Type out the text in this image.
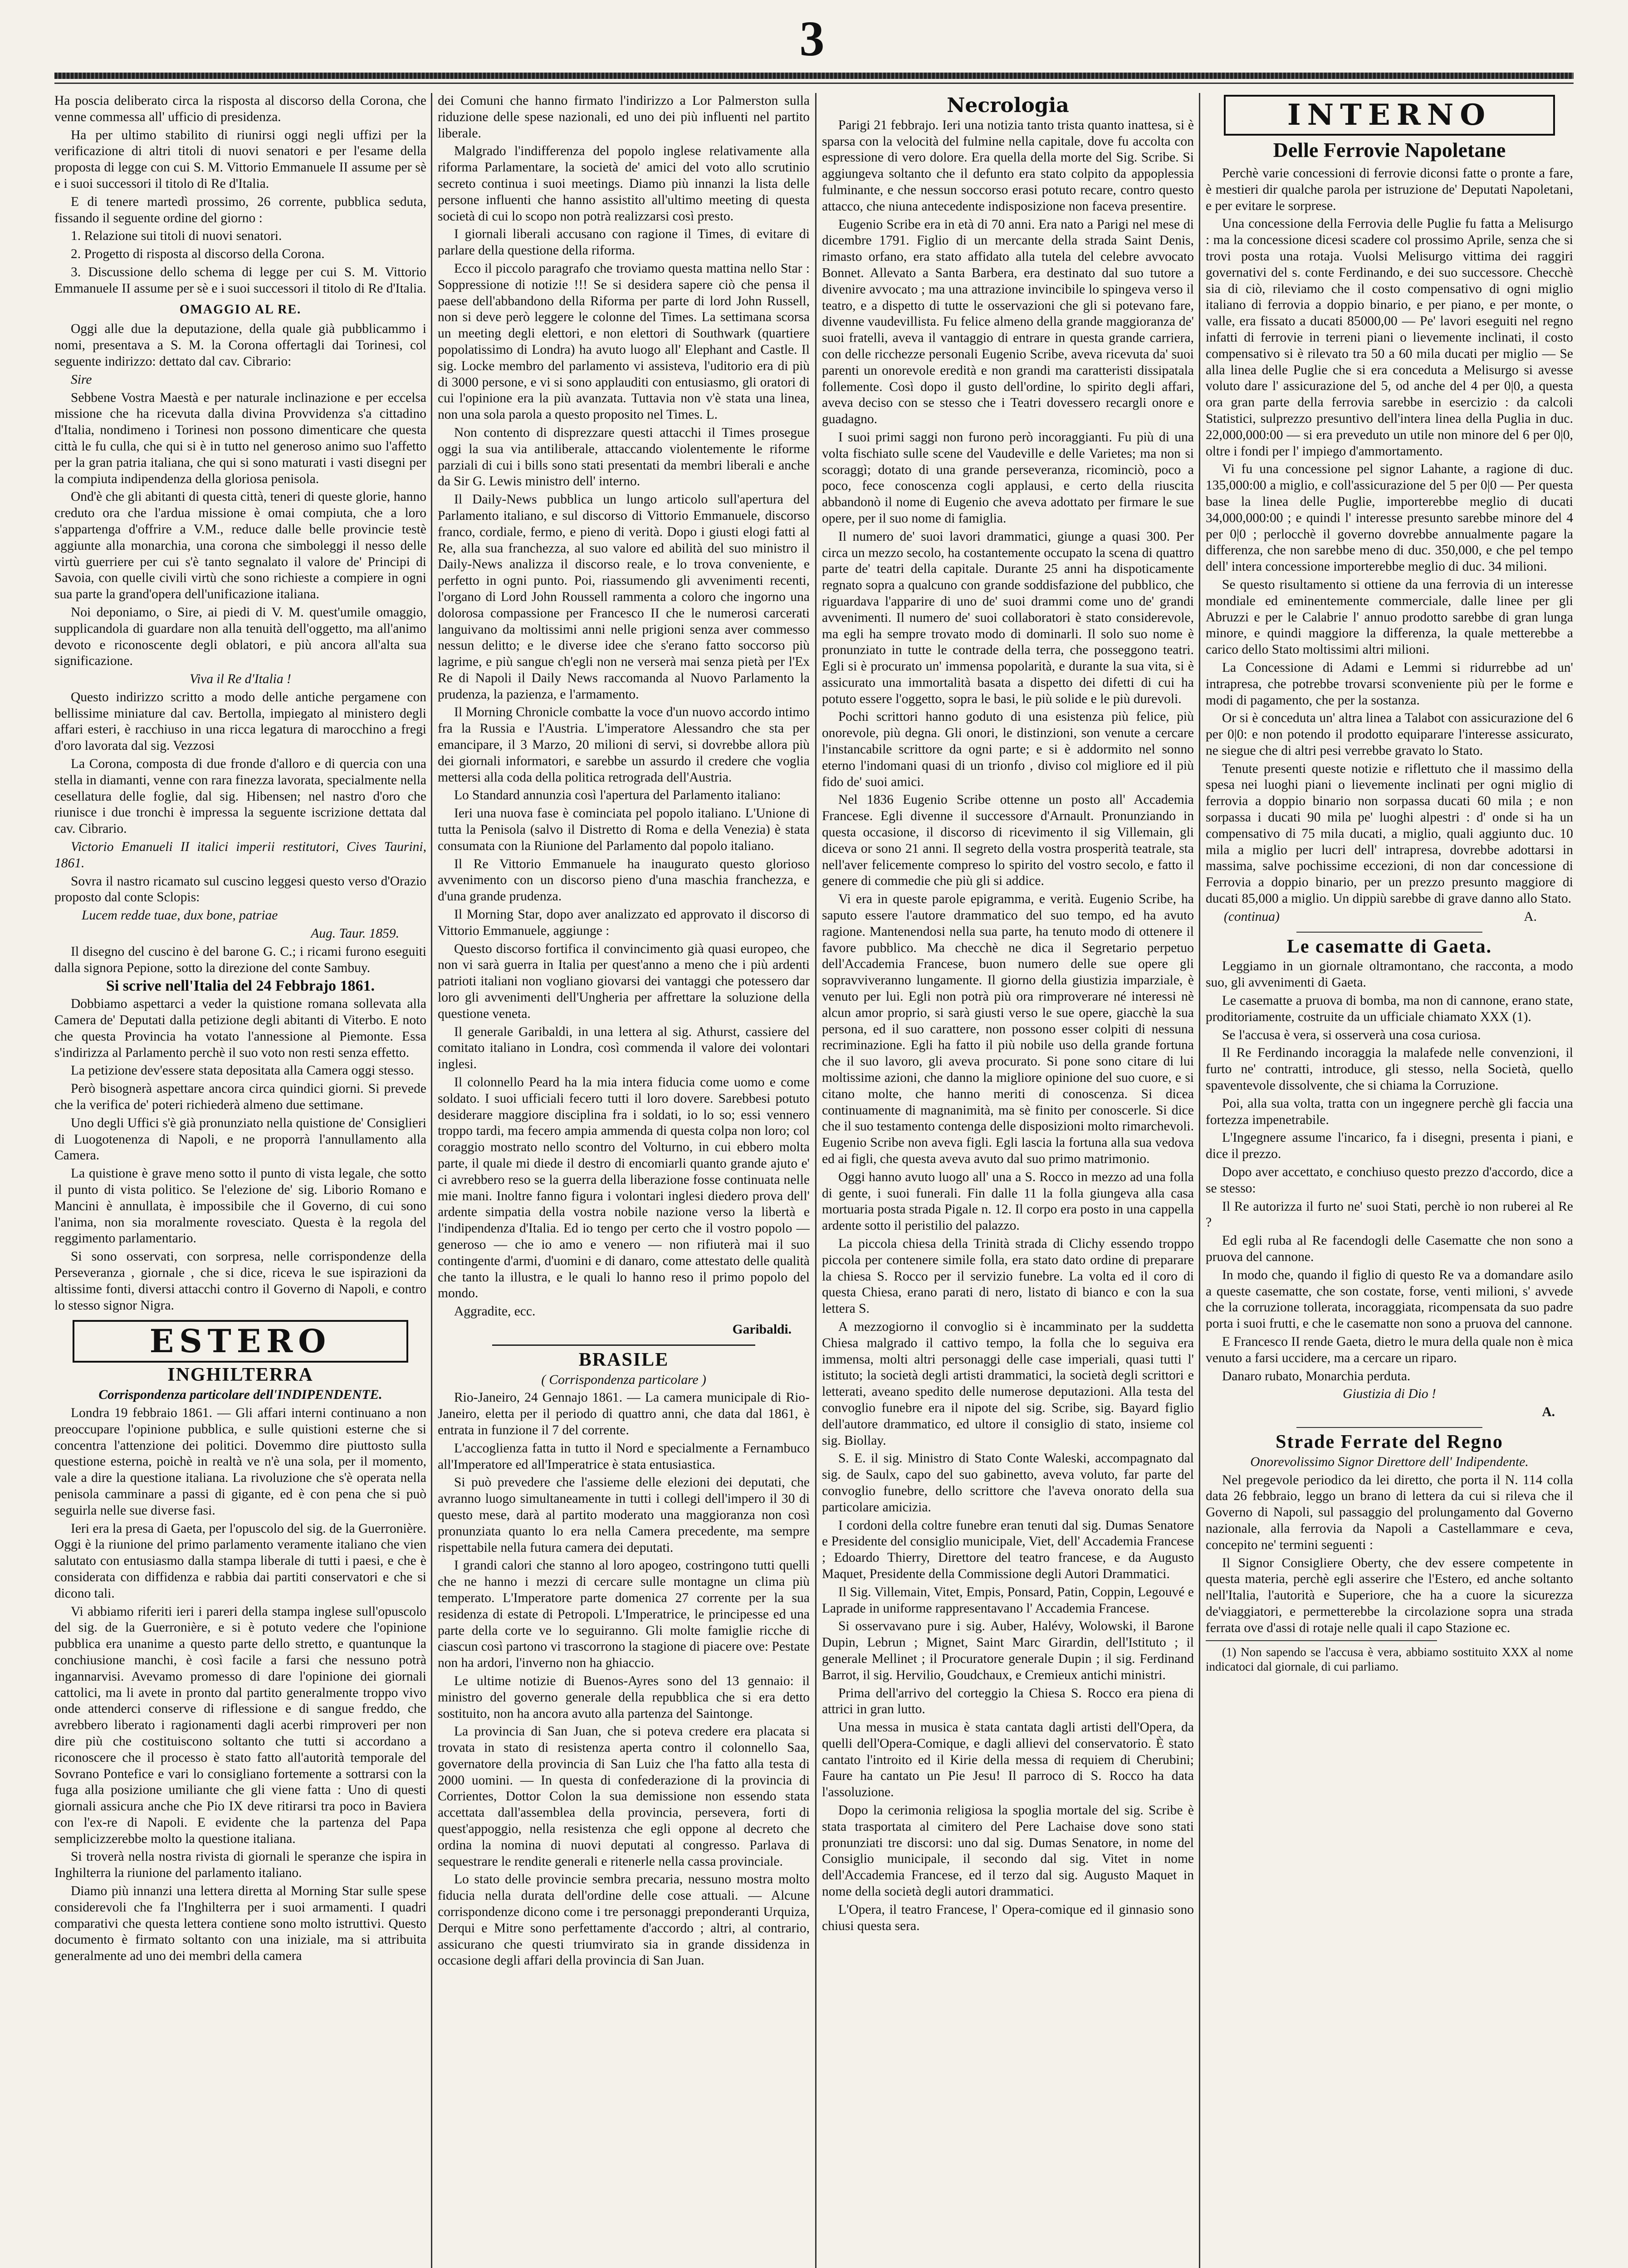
3

Ha poscia deliberato circa la risposta al discorso della Corona, che venne commessa all' ufficio di presidenza.

Ha per ultimo stabilito di riunirsi oggi negli uffizi per la verificazione di altri titoli di nuovi senatori e per l'esame della proposta di legge con cui S. M. Vittorio Emmanuele II assume per sè e i suoi successori il titolo di Re d'Italia.

E di tenere martedì prossimo, 26 corrente, pubblica seduta, fissando il seguente ordine del giorno :

1. Relazione sui titoli di nuovi senatori.

2. Progetto di risposta al discorso della Corona.

3. Discussione dello schema di legge per cui S. M. Vittorio Emmanuele II assume per sè e i suoi successori il titolo di Re d'Italia.

OMAGGIO AL RE.

Oggi alle due la deputazione, della quale già pubblicammo i nomi, presentava a S. M. la Corona offertagli dai Torinesi, col seguente indirizzo: dettato dal cav. Cibrario:

Sire

Sebbene Vostra Maestà e per naturale inclinazione e per eccelsa missione che ha ricevuta dalla divina Provvidenza s'a cittadino d'Italia, nondimeno i Torinesi non possono dimenticare che questa città le fu culla, che qui si è in tutto nel generoso animo suo l'affetto per la gran patria italiana, che qui si sono maturati i vasti disegni per la compiuta indipendenza della gloriosa penisola.

Ond'è che gli abitanti di questa città, teneri di queste glorie, hanno creduto ora che l'ardua missione è omai compiuta, che a loro s'appartenga d'offrire a V.M., reduce dalle belle provincie testè aggiunte alla monarchia, una corona che simboleggi il nesso delle virtù guerriere per cui s'è tanto segnalato il valore de' Principi di Savoia, con quelle civili virtù che sono richieste a compiere in ogni sua parte la grand'opera dell'unificazione italiana.

Noi deponiamo, o Sire, ai piedi di V. M. quest'umile omaggio, supplicandola di guardare non alla tenuità dell'oggetto, ma all'animo devoto e riconoscente degli oblatori, e più ancora all'alta sua significazione.

Viva il Re d'Italia !

Questo indirizzo scritto a modo delle antiche pergamene con bellissime miniature dal cav. Bertolla, impiegato al ministero degli affari esteri, è racchiuso in una ricca legatura di marocchino a fregi d'oro lavorata dal sig. Vezzosi

La Corona, composta di due fronde d'alloro e di quercia con una stella in diamanti, venne con rara finezza lavorata, specialmente nella cesellatura delle foglie, dal sig. Hibensen; nel nastro d'oro che riunisce i due tronchi è impressa la seguente iscrizione dettata dal cav. Cibrario.

Victorio Emanueli II italici imperii restitutori, Cives Taurini, 1861.

Sovra il nastro ricamato sul cuscino leggesi questo verso d'Orazio proposto dal conte Sclopis:

Lucem redde tuae, dux bone, patriae

Aug. Taur. 1859.

Il disegno del cuscino è del barone G. C.; i ricami furono eseguiti dalla signora Pepione, sotto la direzione del conte Sambuy.

Si scrive nell'Italia del 24 Febbrajo 1861.

Dobbiamo aspettarci a veder la quistione romana sollevata alla Camera de' Deputati dalla petizione degli abitanti di Viterbo. E noto che questa Provincia ha votato l'annessione al Piemonte. Essa s'indirizza al Parlamento perchè il suo voto non resti senza effetto.

La petizione dev'essere stata depositata alla Camera oggi stesso.

Però bisognerà aspettare ancora circa quindici giorni. Si prevede che la verifica de' poteri richiederà almeno due settimane.

Uno degli Uffici s'è già pronunziato nella quistione de' Consiglieri di Luogotenenza di Napoli, e ne proporrà l'annullamento alla Camera.

La quistione è grave meno sotto il punto di vista legale, che sotto il punto di vista politico. Se l'elezione de' sig. Liborio Romano e Mancini è annullata, è impossibile che il Governo, di cui sono l'anima, non sia moralmente rovesciato. Questa è la regola del reggimento parlamentario.

Si sono osservati, con sorpresa, nelle corrispondenze della Perseveranza , giornale , che si dice, riceva le sue ispirazioni da altissime fonti, diversi attacchi contro il Governo di Napoli, e contro lo stesso signor Nigra.

ESTERO
INGHILTERRA

Corrispondenza particolare dell'INDIPENDENTE.

Londra 19 febbraio 1861. — Gli affari interni continuano a non preoccupare l'opinione pubblica, e sulle quistioni esterne che si concentra l'attenzione dei politici. Dovemmo dire piuttosto sulla questione esterna, poichè in realtà ve n'è una sola, per il momento, vale a dire la questione italiana. La rivoluzione che s'è operata nella penisola camminare a passi di gigante, ed è con pena che si può seguirla nelle sue diverse fasi.

Ieri era la presa di Gaeta, per l'opuscolo del sig. de la Guerronière. Oggi è la riunione del primo parlamento veramente italiano che vien salutato con entusiasmo dalla stampa liberale di tutti i paesi, e che è considerata con diffidenza e rabbia dai partiti conservatori e che si dicono tali.

Vi abbiamo riferiti ieri i pareri della stampa inglese sull'opuscolo del sig. de la Guerronière, e si è potuto vedere che l'opinione pubblica era unanime a questo parte dello stretto, e quantunque la conchiusione manchi, è così facile a farsi che nessuno potrà ingannarvisi. Avevamo promesso di dare l'opinione dei giornali cattolici, ma li avete in pronto dal partito generalmente troppo vivo onde attenderci conserve di riflessione e di sangue freddo, che avrebbero liberato i ragionamenti dagli acerbi rimproveri per non dire più che costituiscono soltanto che tutti si accordano a riconoscere che il processo è stato fatto all'autorità temporale del Sovrano Pontefice e vari lo consigliano fortemente a sottrarsi con la fuga alla posizione umiliante che gli viene fatta : Uno di questi giornali assicura anche che Pio IX deve ritirarsi tra poco in Baviera con l'ex-re di Napoli. E evidente che la partenza del Papa semplicizzerebbe molto la questione italiana.

Si troverà nella nostra rivista di giornali le speranze che ispira in Inghilterra la riunione del parlamento italiano.

Diamo più innanzi una lettera diretta al Morning Star sulle spese considerevoli che fa l'Inghilterra per i suoi armamenti. I quadri comparativi che questa lettera contiene sono molto istruttivi. Questo documento è firmato soltanto con una iniziale, ma si attribuita generalmente ad uno dei membri della camera

dei Comuni che hanno firmato l'indirizzo a Lor Palmerston sulla riduzione delle spese nazionali, ed uno dei più influenti nel partito liberale.

Malgrado l'indifferenza del popolo inglese relativamente alla riforma Parlamentare, la società de' amici del voto allo scrutinio secreto continua i suoi meetings. Diamo più innanzi la lista delle persone influenti che hanno assistito all'ultimo meeting di questa società di cui lo scopo non potrà realizzarsi così presto.

I giornali liberali accusano con ragione il Times, di evitare di parlare della questione della riforma.

Ecco il piccolo paragrafo che troviamo questa mattina nello Star : Soppressione di notizie !!! Se si desidera sapere ciò che pensa il paese dell'abbandono della Riforma per parte di lord John Russell, non si deve però leggere le colonne del Times. La settimana scorsa un meeting degli elettori, e non elettori di Southwark (quartiere popolatissimo di Londra) ha avuto luogo all' Elephant and Castle. Il sig. Locke membro del parlamento vi assisteva, l'uditorio era di più di 3000 persone, e vi si sono applauditi con entusiasmo, gli oratori di cui l'opinione era la più avanzata. Tuttavia non v'è stata una linea, non una sola parola a questo proposito nel Times. L.

Non contento di disprezzare questi attacchi il Times prosegue oggi la sua via antiliberale, attaccando violentemente le riforme parziali di cui i bills sono stati presentati da membri liberali e anche da Sir G. Lewis ministro dell' interno.

Il Daily-News pubblica un lungo articolo sull'apertura del Parlamento italiano, e sul discorso di Vittorio Emmanuele, discorso franco, cordiale, fermo, e pieno di verità. Dopo i giusti elogi fatti al Re, alla sua franchezza, al suo valore ed abilità del suo ministro il Daily-News analizza il discorso reale, e lo trova conveniente, e perfetto in ogni punto. Poi, riassumendo gli avvenimenti recenti, l'organo di Lord John Roussell rammenta a coloro che ingorno una dolorosa compassione per Francesco II che le numerosi carcerati languivano da moltissimi anni nelle prigioni senza aver commesso nessun delitto; e le diverse idee che s'erano fatto soccorso più lagrime, e più sangue ch'egli non ne verserà mai senza pietà per l'Ex Re di Napoli il Daily News raccomanda al Nuovo Parlamento la prudenza, la pazienza, e l'armamento.

Il Morning Chronicle combatte la voce d'un nuovo accordo intimo fra la Russia e l'Austria. L'imperatore Alessandro che sta per emancipare, il 3 Marzo, 20 milioni di servi, si dovrebbe allora più dei giornali informatori, e sarebbe un assurdo il credere che voglia mettersi alla coda della politica retrograda dell'Austria.

Lo Standard annunzia così l'apertura del Parlamento italiano:

Ieri una nuova fase è cominciata pel popolo italiano. L'Unione di tutta la Penisola (salvo il Distretto di Roma e della Venezia) è stata consumata con la Riunione del Parlamento dal popolo italiano.

Il Re Vittorio Emmanuele ha inaugurato questo glorioso avvenimento con un discorso pieno d'una maschia franchezza, e d'una grande prudenza.

Il Morning Star, dopo aver analizzato ed approvato il discorso di Vittorio Emmanuele, aggiunge :

Questo discorso fortifica il convincimento già quasi europeo, che non vi sarà guerra in Italia per quest'anno a meno che i più ardenti patrioti italiani non vogliano giovarsi dei vantaggi che potessero dar loro gli avvenimenti dell'Ungheria per affrettare la soluzione della questione veneta.

Il generale Garibaldi, in una lettera al sig. Athurst, cassiere del comitato italiano in Londra, così commenda il valore dei volontari inglesi.

Il colonnello Peard ha la mia intera fiducia come uomo e come soldato. I suoi ufficiali fecero tutti il loro dovere. Sarebbesi potuto desiderare maggiore disciplina fra i soldati, io lo so; essi vennero troppo tardi, ma fecero ampia ammenda di questa colpa non loro; col coraggio mostrato nello scontro del Volturno, in cui ebbero molta parte, il quale mi diede il destro di encomiarli quanto grande ajuto e' ci avrebbero reso se la guerra della liberazione fosse continuata nelle mie mani. Inoltre fanno figura i volontari inglesi diedero prova dell' ardente simpatia della vostra nobile nazione verso la libertà e l'indipendenza d'Italia. Ed io tengo per certo che il vostro popolo — generoso — che io amo e venero — non rifiuterà mai il suo contingente d'armi, d'uomini e di danaro, come attestato delle qualità che tanto la illustra, e le quali lo hanno reso il primo popolo del mondo.

Aggradite, ecc.

Garibaldi.

BRASILE

( Corrispondenza particolare )

Rio-Janeiro, 24 Gennajo 1861. — La camera municipale di Rio-Janeiro, eletta per il periodo di quattro anni, che data dal 1861, è entrata in funzione il 7 del corrente.

L'accoglienza fatta in tutto il Nord e specialmente a Fernambuco all'Imperatore ed all'Imperatrice è stata entusiastica.

Si può prevedere che l'assieme delle elezioni dei deputati, che avranno luogo simultaneamente in tutti i collegi dell'impero il 30 di questo mese, darà al partito moderato una maggioranza non così pronunziata quanto lo era nella Camera precedente, ma sempre rispettabile nella futura camera dei deputati.

I grandi calori che stanno al loro apogeo, costringono tutti quelli che ne hanno i mezzi di cercare sulle montagne un clima più temperato. L'Imperatore parte domenica 27 corrente per la sua residenza di estate di Petropoli. L'Imperatrice, le principesse ed una parte della corte ve lo seguiranno. Gli molte famiglie ricche di ciascun così partono vi trascorrono la stagione di piacere ove: Pestate non ha ardori, l'inverno non ha ghiaccio.

Le ultime notizie di Buenos-Ayres sono del 13 gennaio: il ministro del governo generale della repubblica che si era detto sostituito, non ha ancora avuto alla partenza del Saintonge.

La provincia di San Juan, che si poteva credere era placata si trovata in stato di resistenza aperta contro il colonnello Saa, governatore della provincia di San Luiz che l'ha fatto alla testa di 2000 uomini. — In questa di confederazione di la provincia di Corrientes, Dottor Colon la sua demissione non essendo stata accettata dall'assemblea della provincia, persevera, forti di quest'appoggio, nella resistenza che egli oppone al decreto che ordina la nomina di nuovi deputati al congresso. Parlava di sequestrare le rendite generali e ritenerle nella cassa provinciale.

Lo stato delle provincie sembra precaria, nessuno mostra molto fiducia nella durata dell'ordine delle cose attuali. — Alcune corrispondenze dicono come i tre personaggi preponderanti Urquiza, Derqui e Mitre sono perfettamente d'accordo ; altri, al contrario, assicurano che questi triumvirato sia in grande dissidenza in occasione degli affari della provincia di San Juan.

Necrologia

Parigi 21 febbrajo. Ieri una notizia tanto trista quanto inattesa, si è sparsa con la velocità del fulmine nella capitale, dove fu accolta con espressione di vero dolore. Era quella della morte del Sig. Scribe. Si aggiungeva soltanto che il defunto era stato colpito da appoplessia fulminante, e che nessun soccorso erasi potuto recare, contro questo attacco, che niuna antecedente indisposizione non faceva presentire.

Eugenio Scribe era in età di 70 anni. Era nato a Parigi nel mese di dicembre 1791. Figlio di un mercante della strada Saint Denis, rimasto orfano, era stato affidato alla tutela del celebre avvocato Bonnet. Allevato a Santa Barbera, era destinato dal suo tutore a divenire avvocato ; ma una attrazione invincibile lo spingeva verso il teatro, e a dispetto di tutte le osservazioni che gli si potevano fare, divenne vaudevillista. Fu felice almeno della grande maggioranza de' suoi fratelli, aveva il vantaggio di entrare in questa grande carriera, con delle ricchezze personali Eugenio Scribe, aveva ricevuta da' suoi parenti un onorevole eredità e non grandi ma caratteristi dissipatala follemente. Così dopo il gusto dell'ordine, lo spirito degli affari, aveva deciso con se stesso che i Teatri dovessero recargli onore e guadagno.

I suoi primi saggi non furono però incoraggianti. Fu più di una volta fischiato sulle scene del Vaudeville e delle Varietes; ma non si scoraggì; dotato di una grande perseveranza, ricominciò, poco a poco, fece conoscenza cogli applausi, e certo della riuscita abbandonò il nome di Eugenio che aveva adottato per firmare le sue opere, per il suo nome di famiglia.

Il numero de' suoi lavori drammatici, giunge a quasi 300. Per circa un mezzo secolo, ha costantemente occupato la scena di quattro parte de' teatri della capitale. Durante 25 anni ha dispoticamente regnato sopra a qualcuno con grande soddisfazione del pubblico, che riguardava l'apparire di uno de' suoi drammi come uno de' grandi avvenimenti. Il numero de' suoi collaboratori è stato considerevole, ma egli ha sempre trovato modo di dominarli. Il solo suo nome è pronunziato in tutte le contrade della terra, che posseggono teatri. Egli si è procurato un' immensa popolarità, e durante la sua vita, si è assicurato una immortalità basata a dispetto dei difetti di cui ha potuto essere l'oggetto, sopra le basi, le più solide e le più durevoli.

Pochi scrittori hanno goduto di una esistenza più felice, più onorevole, più degna. Gli onori, le distinzioni, son venute a cercare l'instancabile scrittore da ogni parte; e si è addormito nel sonno eterno l'indomani quasi di un trionfo , diviso col migliore ed il più fido de' suoi amici.

Nel 1836 Eugenio Scribe ottenne un posto all' Accademia Francese. Egli divenne il successore d'Arnault. Pronunziando in questa occasione, il discorso di ricevimento il sig Villemain, gli diceva or sono 21 anni. Il segreto della vostra prosperità teatrale, sta nell'aver felicemente compreso lo spirito del vostro secolo, e fatto il genere di commedie che più gli si addice.

Vi era in queste parole epigramma, e verità. Eugenio Scribe, ha saputo essere l'autore drammatico del suo tempo, ed ha avuto ragione. Mantenendosi nella sua parte, ha tenuto modo di ottenere il favore pubblico. Ma checchè ne dica il Segretario perpetuo dell'Accademia Francese, buon numero delle sue opere gli sopravviveranno lungamente. Il giorno della giustizia imparziale, è venuto per lui. Egli non potrà più ora rimproverare né interessi nè alcun amor proprio, si sarà giusti verso le sue opere, giacchè la sua persona, ed il suo carattere, non possono esser colpiti di nessuna recriminazione. Egli ha fatto il più nobile uso della grande fortuna che il suo lavoro, gli aveva procurato. Si pone sono citare di lui moltissime azioni, che danno la migliore opinione del suo cuore, e si citano molte, che hanno meriti di conoscenza. Si dicea continuamente di magnanimità, ma sè finito per conoscerle. Si dice che il suo testamento contenga delle disposizioni molto rimarchevoli. Eugenio Scribe non aveva figli. Egli lascia la fortuna alla sua vedova ed ai figli, che questa aveva avuto dal suo primo matrimonio.

Oggi hanno avuto luogo all' una a S. Rocco in mezzo ad una folla di gente, i suoi funerali. Fin dalle 11 la folla giungeva alla casa mortuaria posta strada Pigale n. 12. Il corpo era posto in una cappella ardente sotto il peristilio del palazzo.

La piccola chiesa della Trinità strada di Clichy essendo troppo piccola per contenere simile folla, era stato dato ordine di preparare la chiesa S. Rocco per il servizio funebre. La volta ed il coro di questa Chiesa, erano parati di nero, listato di bianco e con la sua lettera S.

A mezzogiorno il convoglio si è incamminato per la suddetta Chiesa malgrado il cattivo tempo, la folla che lo seguiva era immensa, molti altri personaggi delle case imperiali, quasi tutti l' istituto; la società degli artisti drammatici, la società degli scrittori e letterati, aveano spedito delle numerose deputazioni. Alla testa del convoglio funebre era il nipote del sig. Scribe, sig. Bayard figlio dell'autore drammatico, ed ultore il consiglio di stato, insieme col sig. Biollay.

S. E. il sig. Ministro di Stato Conte Waleski, accompagnato dal sig. de Saulx, capo del suo gabinetto, aveva voluto, far parte del convoglio funebre, dello scrittore che l'aveva onorato della sua particolare amicizia.

I cordoni della coltre funebre eran tenuti dal sig. Dumas Senatore e Presidente del consiglio municipale, Viet, dell' Accademia Francese ; Edoardo Thierry, Direttore del teatro francese, e da Augusto Maquet, Presidente della Commissione degli Autori Drammatici.

Il Sig. Villemain, Vitet, Empis, Ponsard, Patin, Coppin, Legouvé e Laprade in uniforme rappresentavano l' Accademia Francese.

Si osservavano pure i sig. Auber, Halévy, Wolowski, il Barone Dupin, Lebrun ; Mignet, Saint Marc Girardin, dell'Istituto ; il generale Mellinet ; il Procuratore generale Dupin ; il sig. Ferdinand Barrot, il sig. Hervilio, Goudchaux, e Cremieux antichi ministri.

Prima dell'arrivo del corteggio la Chiesa S. Rocco era piena di attrici in gran lutto.

Una messa in musica è stata cantata dagli artisti dell'Opera, da quelli dell'Opera-Comique, e dagli allievi del conservatorio. È stato cantato l'introito ed il Kirie della messa di requiem di Cherubini; Faure ha cantato un Pie Jesu! Il parroco di S. Rocco ha data l'assoluzione.

Dopo la cerimonia religiosa la spoglia mortale del sig. Scribe è stata trasportata al cimitero del Pere Lachaise dove sono stati pronunziati tre discorsi: uno dal sig. Dumas Senatore, in nome del Consiglio municipale, il secondo dal sig. Vitet in nome dell'Accademia Francese, ed il terzo dal sig. Augusto Maquet in nome della società degli autori drammatici.

L'Opera, il teatro Francese, l' Opera-comique ed il ginnasio sono chiusi questa sera.

INTERNO
Delle Ferrovie Napoletane

Perchè varie concessioni di ferrovie diconsi fatte o pronte a fare, è mestieri dir qualche parola per istruzione de' Deputati Napoletani, e per evitare le sorprese.

Una concessione della Ferrovia delle Puglie fu fatta a Melisurgo : ma la concessione dicesi scadere col prossimo Aprile, senza che si trovi posta una rotaja. Vuolsi Melisurgo vittima dei raggiri governativi del s. conte Ferdinando, e dei suo successore. Checchè sia di ciò, rileviamo che il costo compensativo di ogni miglio italiano di ferrovia a doppio binario, e per piano, e per monte, o valle, era fissato a ducati 85000,00 — Pe' lavori eseguiti nel regno infatti di ferrovie in terreni piani o lievemente inclinati, il costo compensativo si è rilevato tra 50 a 60 mila ducati per miglio — Se alla linea delle Puglie che si era conceduta a Melisurgo si avesse voluto dare l' assicurazione del 5, od anche del 4 per 0|0, a questa ora gran parte della ferrovia sarebbe in esercizio : da calcoli Statistici, sulprezzo presuntivo dell'intera linea della Puglia in duc. 22,000,000:00 — si era preveduto un utile non minore del 6 per 0|0, oltre i fondi per l' impiego d'ammortamento.

Vi fu una concessione pel signor Lahante, a ragione di duc. 135,000:00 a miglio, e coll'assicurazione del 5 per 0|0 — Per questa base la linea delle Puglie, importerebbe meglio di ducati 34,000,000:00 ; e quindi l' interesse presunto sarebbe minore del 4 per 0|0 ; perlocchè il governo dovrebbe annualmente pagare la differenza, che non sarebbe meno di duc. 350,000, e che pel tempo dell' intera concessione importerebbe meglio di duc. 34 milioni.

Se questo risultamento si ottiene da una ferrovia di un interesse mondiale ed eminentemente commerciale, dalle linee per gli Abruzzi e per le Calabrie l' annuo prodotto sarebbe di gran lunga minore, e quindi maggiore la differenza, la quale metterebbe a carico dello Stato moltissimi altri milioni.

La Concessione di Adami e Lemmi si ridurrebbe ad un' intrapresa, che potrebbe trovarsi sconveniente più per le forme e modi di pagamento, che per la sostanza.

Or si è conceduta un' altra linea a Talabot con assicurazione del 6 per 0|0: e non potendo il prodotto equiparare l'interesse assicurato, ne siegue che di altri pesi verrebbe gravato lo Stato.

Tenute presenti queste notizie e riflettuto che il massimo della spesa nei luoghi piani o lievemente inclinati per ogni miglio di ferrovia a doppio binario non sorpassa ducati 60 mila ; e non sorpassa i ducati 90 mila pe' luoghi alpestri : d' onde si ha un compensativo di 75 mila ducati, a miglio, quali aggiunto duc. 10 mila a miglio per lucri dell' intrapresa, dovrebbe adottarsi in massima, salve pochissime eccezioni, di non dar concessione di Ferrovia a doppio binario, per un prezzo presunto maggiore di ducati 85,000 a miglio. Un dippiù sarebbe di grave danno allo Stato.

(continua)	A.

Le casematte di Gaeta.

Leggiamo in un giornale oltramontano, che racconta, a modo suo, gli avvenimenti di Gaeta.

Le casematte a pruova di bomba, ma non di cannone, erano state, proditoriamente, costruite da un ufficiale chiamato XXX (1).

Se l'accusa è vera, si osserverà una cosa curiosa.

Il Re Ferdinando incoraggia la malafede nelle convenzioni, il furto ne' contratti, introduce, gli stesso, nella Società, quello spaventevole dissolvente, che si chiama la Corruzione.

Poi, alla sua volta, tratta con un ingegnere perchè gli faccia una fortezza impenetrabile.

L'Ingegnere assume l'incarico, fa i disegni, presenta i piani, e dice il prezzo.

Dopo aver accettato, e conchiuso questo prezzo d'accordo, dice a se stesso:

Il Re autorizza il furto ne' suoi Stati, perchè io non ruberei al Re ?

Ed egli ruba al Re facendogli delle Casematte che non sono a pruova del cannone.

In modo che, quando il figlio di questo Re va a domandare asilo a queste casematte, che son costate, forse, venti milioni, s' avvede che la corruzione tollerata, incoraggiata, ricompensata da suo padre porta i suoi frutti, e che le casematte non sono a pruova del cannone.

E Francesco II rende Gaeta, dietro le mura della quale non è mica venuto a farsi uccidere, ma a cercare un riparo.

Danaro rubato, Monarchia perduta.

Giustizia di Dio !

A.

Strade Ferrate del Regno

Onorevolissimo Signor Direttore dell' Indipendente.

Nel pregevole periodico da lei diretto, che porta il N. 114 colla data 26 febbraio, leggo un brano di lettera da cui si rileva che il Governo di Napoli, sul passaggio del prolungamento dal Governo nazionale, alla ferrovia da Napoli a Castellammare e ceva, concepito ne' termini seguenti :

Il Signor Consigliere Oberty, che dev essere competente in questa materia, perchè egli asserire che l'Estero, ed anche soltanto nell'Italia, l'autorità e Superiore, che ha a cuore la sicurezza de'viaggiatori, e permetterebbe la circolazione sopra una strada ferrata ove d'assi di rotaje nelle quali il capo Stazione ec.

(1) Non sapendo se l'accusa è vera, abbiamo sostituito XXX al nome indicatoci dal giornale, di cui parliamo.
